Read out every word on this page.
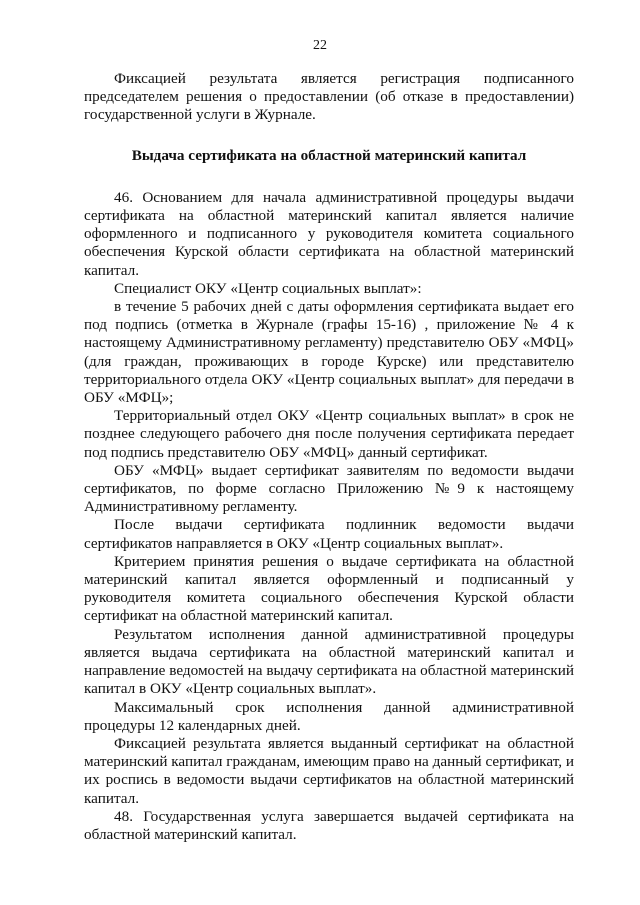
22

Фиксацией результата является регистрация подписанного председателем решения о предоставлении (об отказе в предоставлении) государственной услуги в Журнале.

Выдача сертификата на областной материнский капитал

46. Основанием для начала административной процедуры выдачи сертификата на областной материнский капитал является наличие оформленного и подписанного у руководителя комитета социального обеспечения Курской области сертификата на областной материнский капитал.

Специалист ОКУ «Центр социальных выплат»:

в течение 5 рабочих дней с даты оформления сертификата выдает его под подпись (отметка в Журнале (графы 15-16) , приложение № 4 к настоящему Административному регламенту) представителю ОБУ «МФЦ» (для граждан, проживающих в городе Курске) или представителю территориального отдела ОКУ «Центр социальных выплат» для передачи в ОБУ «МФЦ»;

Территориальный отдел ОКУ «Центр социальных выплат» в срок не позднее следующего рабочего дня после получения сертификата передает под подпись представителю ОБУ «МФЦ» данный сертификат.

ОБУ «МФЦ» выдает сертификат заявителям по ведомости выдачи сертификатов, по форме согласно Приложению №9 к настоящему Административному регламенту.

После выдачи сертификата подлинник ведомости выдачи сертификатов направляется в ОКУ «Центр социальных выплат».

Критерием принятия решения о выдаче сертификата на областной материнский капитал является оформленный и подписанный у руководителя комитета социального обеспечения Курской области сертификат на областной материнский капитал.

Результатом исполнения данной административной процедуры является выдача сертификата на областной материнский капитал и направление ведомостей на выдачу сертификата на областной материнский капитал в ОКУ «Центр социальных выплат».

Максимальный срок исполнения данной административной процедуры 12 календарных дней.

Фиксацией результата является выданный сертификат на областной материнский капитал гражданам, имеющим право на данный сертификат, и их роспись в ведомости выдачи сертификатов на областной материнский капитал.

48. Государственная услуга завершается выдачей сертификата на областной материнский капитал.
